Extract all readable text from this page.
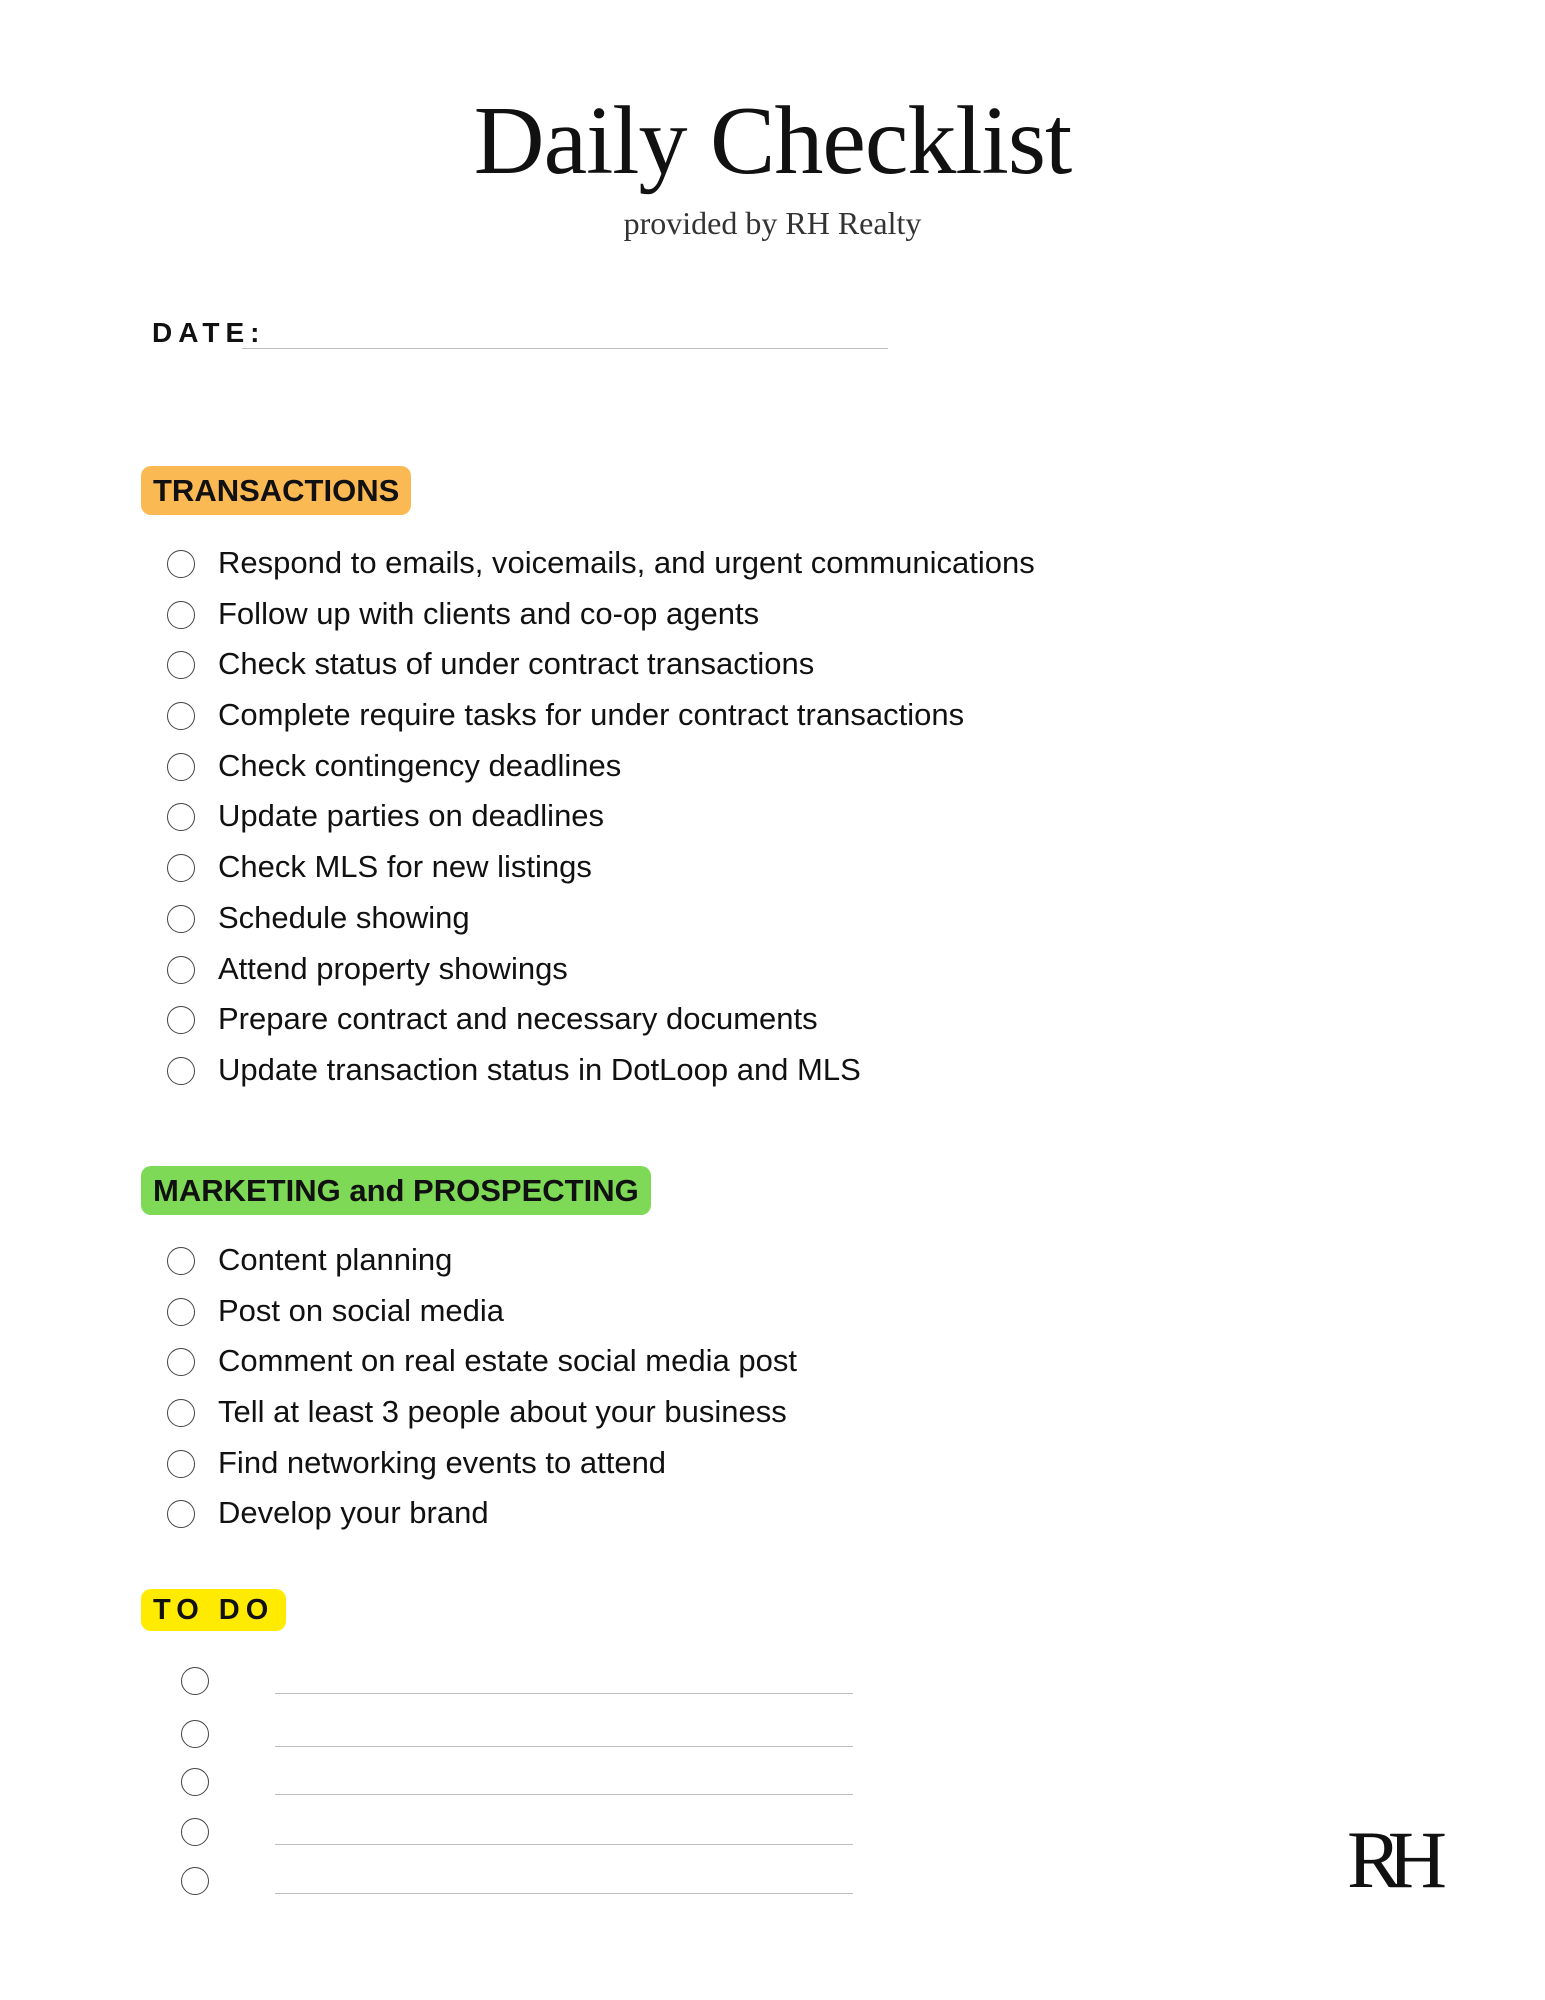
Daily Checklist
provided by RH Realty
DATE:
TRANSACTIONS
Respond to emails, voicemails, and urgent communications
Follow up with clients and co-op agents
Check status of under contract transactions
Complete require tasks for under contract transactions
Check contingency deadlines
Update parties on deadlines
Check MLS for new listings
Schedule showing
Attend property showings
Prepare contract and necessary documents
Update transaction status in DotLoop and MLS
MARKETING and PROSPECTING
Content planning
Post on social media
Comment on real estate social media post
Tell at least 3 people about your business
Find networking events to attend
Develop your brand
TO DO
RH
